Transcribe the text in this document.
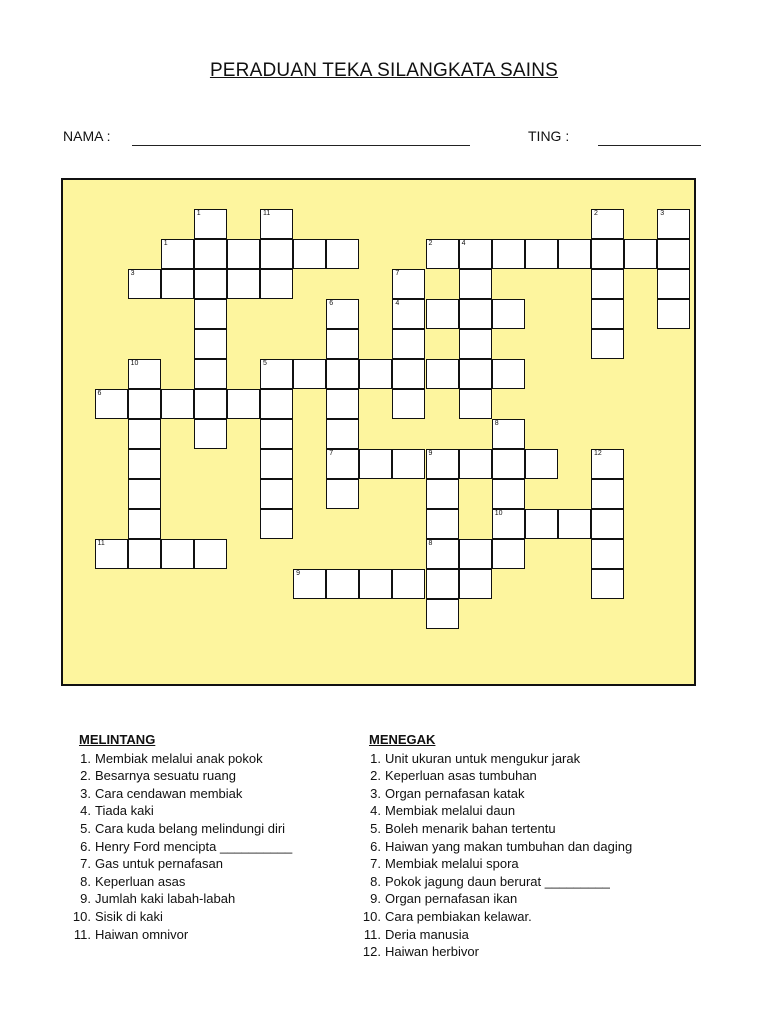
PERADUAN TEKA SILANGKATA SAINS
NAMA :	TING :
1	11	2	3
1	2	4
3	7
6	4
10	5
6
8
7	9	12
10
11	8
9
MELINTANG
1. Membiak melalui anak pokok
2. Besarnya sesuatu ruang
3. Cara cendawan membiak
4. Tiada kaki
5. Cara kuda belang melindungi diri
6. Henry Ford mencipta __________
7. Gas untuk pernafasan
8. Keperluan asas
9. Jumlah kaki labah-labah
10. Sisik di kaki
11. Haiwan omnivor
MENEGAK
1. Unit ukuran untuk mengukur jarak
2. Keperluan asas tumbuhan
3. Organ pernafasan katak
4. Membiak melalui daun
5. Boleh menarik bahan tertentu
6. Haiwan yang makan tumbuhan dan daging
7. Membiak melalui spora
8. Pokok jagung daun berurat _________
9. Organ pernafasan ikan
10. Cara pembiakan kelawar.
11. Deria manusia
12. Haiwan herbivor
